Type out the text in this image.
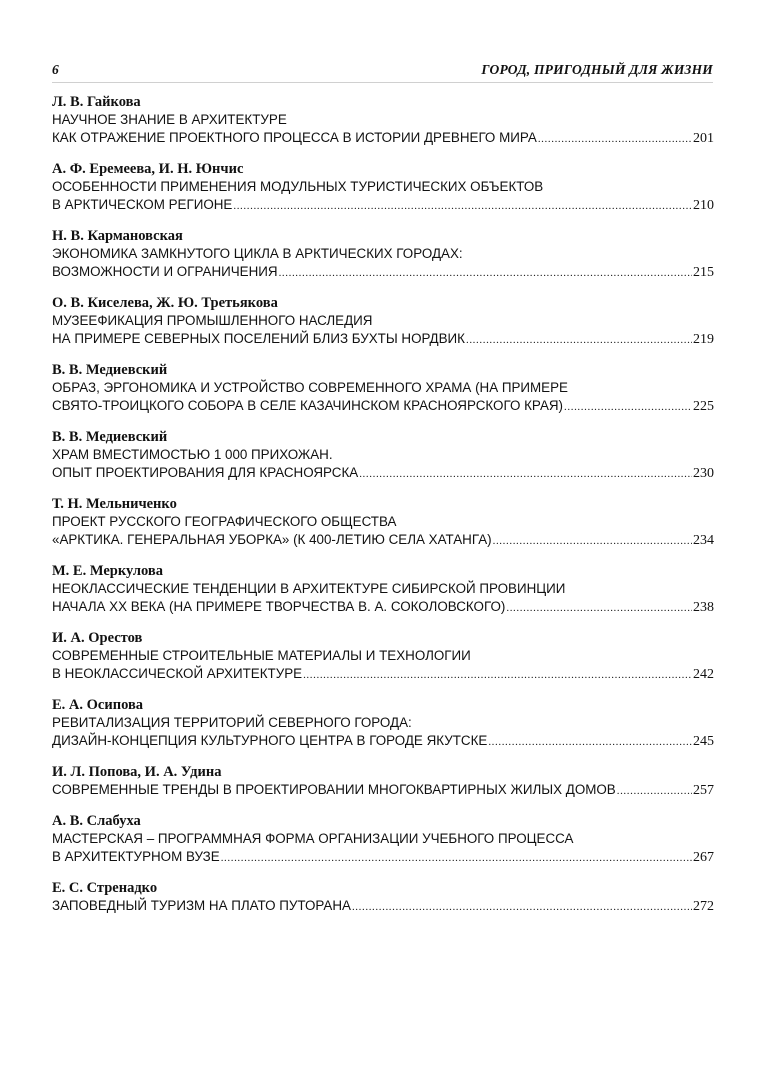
6	ГОРОД, ПРИГОДНЫЙ ДЛЯ ЖИЗНИ
Л. В. Гайкова
НАУЧНОЕ ЗНАНИЕ В АРХИТЕКТУРЕ
КАК ОТРАЖЕНИЕ ПРОЕКТНОГО ПРОЦЕССА В ИСТОРИИ ДРЕВНЕГО МИРА .....	201
А. Ф. Еремеева, И. Н. Юнчис
ОСОБЕННОСТИ ПРИМЕНЕНИЯ МОДУЛЬНЫХ ТУРИСТИЧЕСКИХ ОБЪЕКТОВ
В АРКТИЧЕСКОМ РЕГИОНЕ .....	210
Н. В. Кармановская
ЭКОНОМИКА ЗАМКНУТОГО ЦИКЛА В АРКТИЧЕСКИХ ГОРОДАХ:
ВОЗМОЖНОСТИ И ОГРАНИЧЕНИЯ .....	215
О. В. Киселева, Ж. Ю. Третьякова
МУЗЕЕФИКАЦИЯ ПРОМЫШЛЕННОГО НАСЛЕДИЯ
НА ПРИМЕРЕ СЕВЕРНЫХ ПОСЕЛЕНИЙ БЛИЗ БУХТЫ НОРДВИК .....	219
В. В. Медиевский
ОБРАЗ, ЭРГОНОМИКА И УСТРОЙСТВО СОВРЕМЕННОГО ХРАМА (НА ПРИМЕРЕ
СВЯТО-ТРОИЦКОГО СОБОРА В СЕЛЕ КАЗАЧИНСКОМ КРАСНОЯРСКОГО КРАЯ) .....	225
В. В. Медиевский
ХРАМ ВМЕСТИМОСТЬЮ 1 000 ПРИХОЖАН.
ОПЫТ ПРОЕКТИРОВАНИЯ ДЛЯ КРАСНОЯРСКА .....	230
Т. Н. Мельниченко
ПРОЕКТ РУССКОГО ГЕОГРАФИЧЕСКОГО ОБЩЕСТВА
«АРКТИКА. ГЕНЕРАЛЬНАЯ УБОРКА» (К 400-ЛЕТИЮ СЕЛА ХАТАНГА) .....	234
М. Е. Меркулова
НЕОКЛАССИЧЕСКИЕ ТЕНДЕНЦИИ В АРХИТЕКТУРЕ СИБИРСКОЙ ПРОВИНЦИИ
НАЧАЛА XX ВЕКА (НА ПРИМЕРЕ ТВОРЧЕСТВА В. А. СОКОЛОВСКОГО) .....	238
И. А. Орестов
СОВРЕМЕННЫЕ СТРОИТЕЛЬНЫЕ МАТЕРИАЛЫ И ТЕХНОЛОГИИ
В НЕОКЛАССИЧЕСКОЙ АРХИТЕКТУРЕ .....	242
Е. А. Осипова
РЕВИТАЛИЗАЦИЯ ТЕРРИТОРИЙ СЕВЕРНОГО ГОРОДА:
ДИЗАЙН-КОНЦЕПЦИЯ КУЛЬТУРНОГО ЦЕНТРА В ГОРОДЕ ЯКУТСКЕ .....	245
И. Л. Попова, И. А. Удина
СОВРЕМЕННЫЕ ТРЕНДЫ В ПРОЕКТИРОВАНИИ МНОГОКВАРТИРНЫХ ЖИЛЫХ ДОМОВ .....	257
А. В. Слабуха
МАСТЕРСКАЯ – ПРОГРАММНАЯ ФОРМА ОРГАНИЗАЦИИ УЧЕБНОГО ПРОЦЕССА
В АРХИТЕКТУРНОМ ВУЗЕ .....	267
Е. С. Стренадко
ЗАПОВЕДНЫЙ ТУРИЗМ НА ПЛАТО ПУТОРАНА .....	272
